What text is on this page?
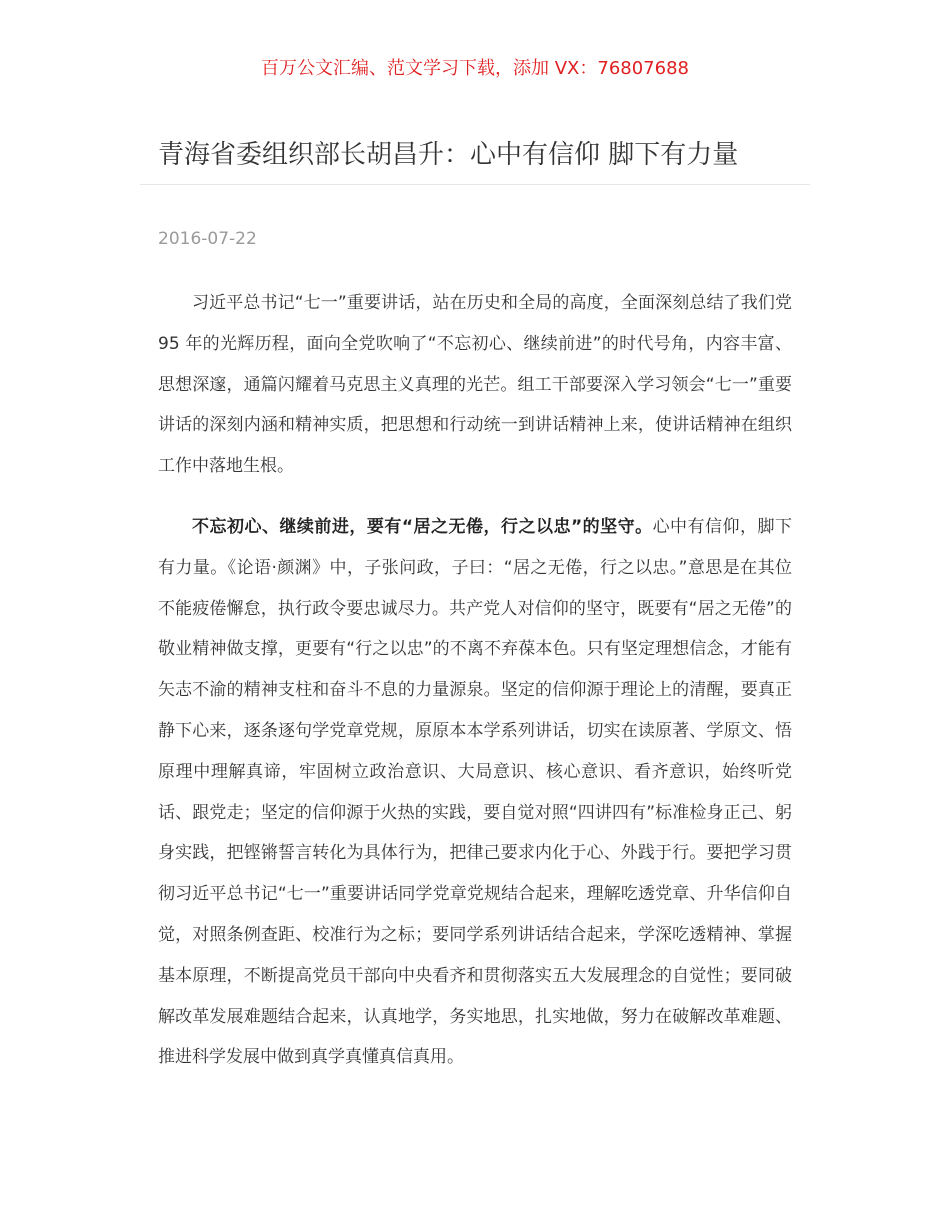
百万公文汇编、范文学习下载，添加 VX：76807688
青海省委组织部长胡昌升：心中有信仰 脚下有力量
2016-07-22

习近平总书记“七一”重要讲话，站在历史和全局的高度，全面深刻总结了我们党 95 年的光辉历程，面向全党吹响了“不忘初心、继续前进”的时代号角，内容丰富、思想深邃，通篇闪耀着马克思主义真理的光芒。组工干部要深入学习领会“七一”重要讲话的深刻内涵和精神实质，把思想和行动统一到讲话精神上来，使讲话精神在组织工作中落地生根。

不忘初心、继续前进，要有“居之无倦，行之以忠”的坚守。心中有信仰，脚下有力量。《论语·颜渊》中，子张问政，子曰：“居之无倦，行之以忠。”意思是在其位不能疲倦懈怠，执行政令要忠诚尽力。共产党人对信仰的坚守，既要有“居之无倦”的敬业精神做支撑，更要有“行之以忠”的不离不弃葆本色。只有坚定理想信念，才能有矢志不渝的精神支柱和奋斗不息的力量源泉。坚定的信仰源于理论上的清醒，要真正静下心来，逐条逐句学党章党规，原原本本学系列讲话，切实在读原著、学原文、悟原理中理解真谛，牢固树立政治意识、大局意识、核心意识、看齐意识，始终听党话、跟党走；坚定的信仰源于火热的实践，要自觉对照“四讲四有”标准检身正己、躬身实践，把铿锵誓言转化为具体行为，把律己要求内化于心、外践于行。要把学习贯彻习近平总书记“七一”重要讲话同学党章党规结合起来，理解吃透党章、升华信仰自觉，对照条例查距、校准行为之标；要同学系列讲话结合起来，学深吃透精神、掌握基本原理，不断提高党员干部向中央看齐和贯彻落实五大发展理念的自觉性；要同破解改革发展难题结合起来，认真地学，务实地思，扎实地做，努力在破解改革难题、推进科学发展中做到真学真懂真信真用。
